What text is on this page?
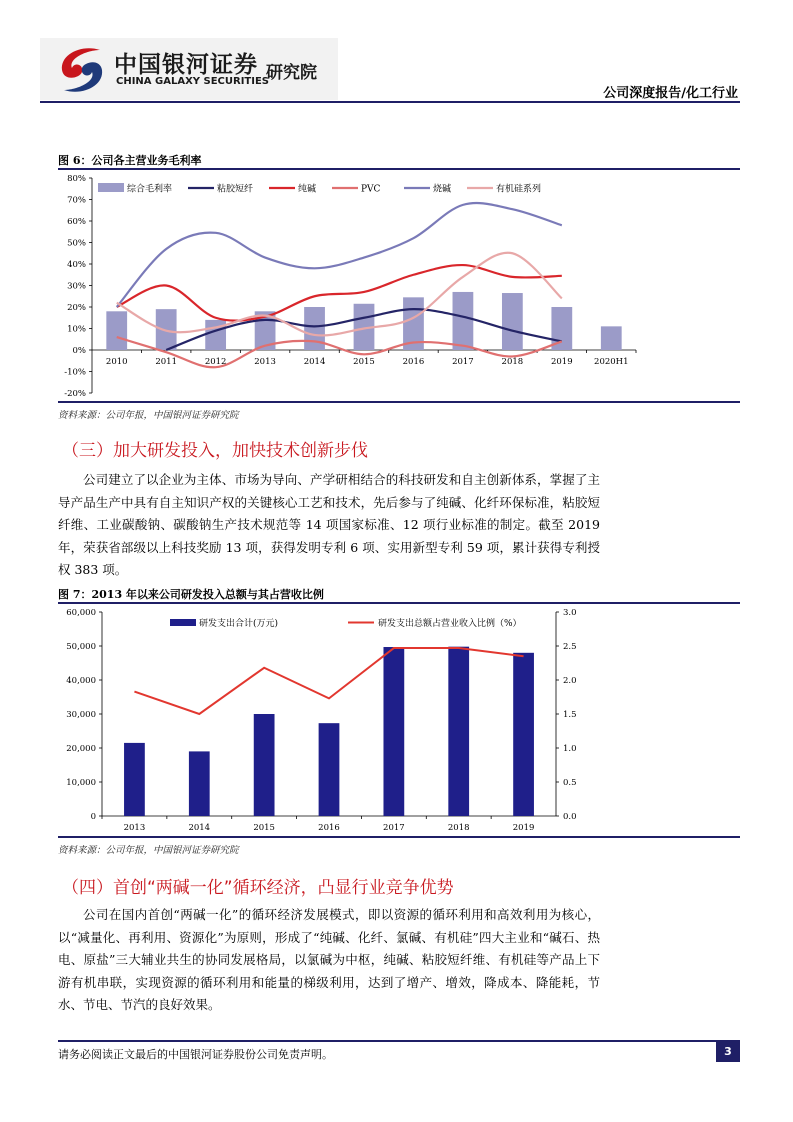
中国银河证券
CHINA GALAXY SECURITIES
研究院
公司深度报告/化工行业
图 6：公司各主营业务毛利率
80%
70%
60%
50%
40%
30%
20%
10%
0%
-10%
-20%
2010	2011	2012	2013	2014	2015	2016	2017	2018	2019	2020H1
综合毛利率	粘胶短纤	纯碱	PVC	烧碱	有机硅系列
资料来源：公司年报，中国银河证券研究院
（三）加大研发投入，加快技术创新步伐

公司建立了以企业为主体、市场为导向、产学研相结合的科技研发和自主创新体系，掌握了主导产品生产中具有自主知识产权的关键核心工艺和技术，先后参与了纯碱、化纤环保标准，粘胶短纤维、工业碳酸钠、碳酸钠生产技术规范等 14 项国家标准、12 项行业标准的制定。截至 2019 年，荣获省部级以上科技奖励 13 项，获得发明专利 6 项、实用新型专利 59 项，累计获得专利授权 383 项。

图 7：2013 年以来公司研发投入总额与其占营收比例
60,000
50,000
40,000
30,000
20,000
10,000
0
3.0
2.5
2.0
1.5
1.0
0.5
0.0
2013	2014	2015	2016	2017	2018	2019
研发支出合计(万元)	研发支出总额占营业收入比例（%）
资料来源：公司年报，中国银河证券研究院
（四）首创“两碱一化”循环经济，凸显行业竞争优势

公司在国内首创“两碱一化”的循环经济发展模式，即以资源的循环利用和高效利用为核心，以“减量化、再利用、资源化”为原则，形成了“纯碱、化纤、氯碱、有机硅”四大主业和“碱石、热电、原盐”三大辅业共生的协同发展格局，以氯碱为中枢，纯碱、粘胶短纤维、有机硅等产品上下游有机串联，实现资源的循环利用和能量的梯级利用，达到了增产、增效，降成本、降能耗，节水、节电、节汽的良好效果。

请务必阅读正文最后的中国银河证券股份公司免责声明。	3
